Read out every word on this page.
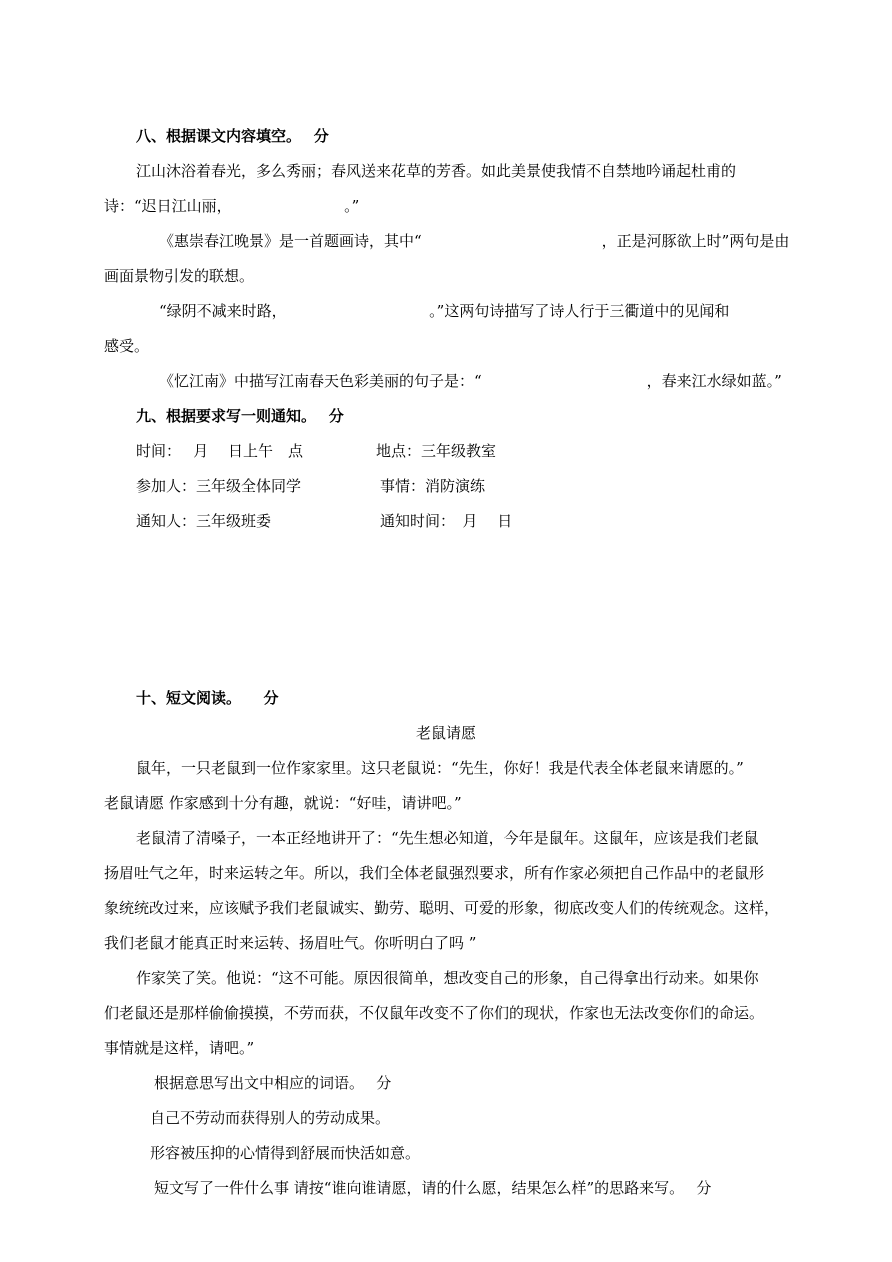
八、根据课文内容填空。　 分

江山沐浴着春光，多么秀丽；春风送来花草的芳香。如此美景使我情不自禁地吟诵起杜甫的

诗：“迟日江山丽，　　　　　　　　。”

《惠崇春江晚景》是一首题画诗，其中“　　　　　　　　　　　　，正是河豚欲上时”两句是由

画面景物引发的联想。

“绿阴不减来时路，　　　　　　　　　　。”这两句诗描写了诗人行于三衢道中的见闻和

感受。

《忆江南》中描写江南春天色彩美丽的句子是：“　　　　　　　　　　　，春来江水绿如蓝。”

九、根据要求写一则通知。　 分

时间：　 月　 日上午　点	地点：三年级教室

参加人：三年级全体同学	事情：消防演练

通知人：三年级班委	通知时间：　月　 日

十、短文阅读。　　分

老鼠请愿

鼠年，一只老鼠到一位作家家里。这只老鼠说：“先生，你好！我是代表全体老鼠来请愿的。”

老鼠请愿 作家感到十分有趣，就说：“好哇，请讲吧。”

老鼠清了清嗓子，一本正经地讲开了：“先生想必知道，今年是鼠年。这鼠年，应该是我们老鼠

扬眉吐气之年，时来运转之年。所以，我们全体老鼠强烈要求，所有作家必须把自己作品中的老鼠形

象统统改过来，应该赋予我们老鼠诚实、勤劳、聪明、可爱的形象，彻底改变人们的传统观念。这样，

我们老鼠才能真正时来运转、扬眉吐气。你听明白了吗 ”

作家笑了笑。他说：“这不可能。原因很简单，想改变自己的形象，自己得拿出行动来。如果你

们老鼠还是那样偷偷摸摸，不劳而获，不仅鼠年改变不了你们的现状，作家也无法改变你们的命运。

事情就是这样，请吧。”

根据意思写出文中相应的词语。　 分

自己不劳动而获得别人的劳动成果。

形容被压抑的心情得到舒展而快活如意。

短文写了一件什么事 请按“谁向谁请愿，请的什么愿，结果怎么样”的思路来写。　 分
